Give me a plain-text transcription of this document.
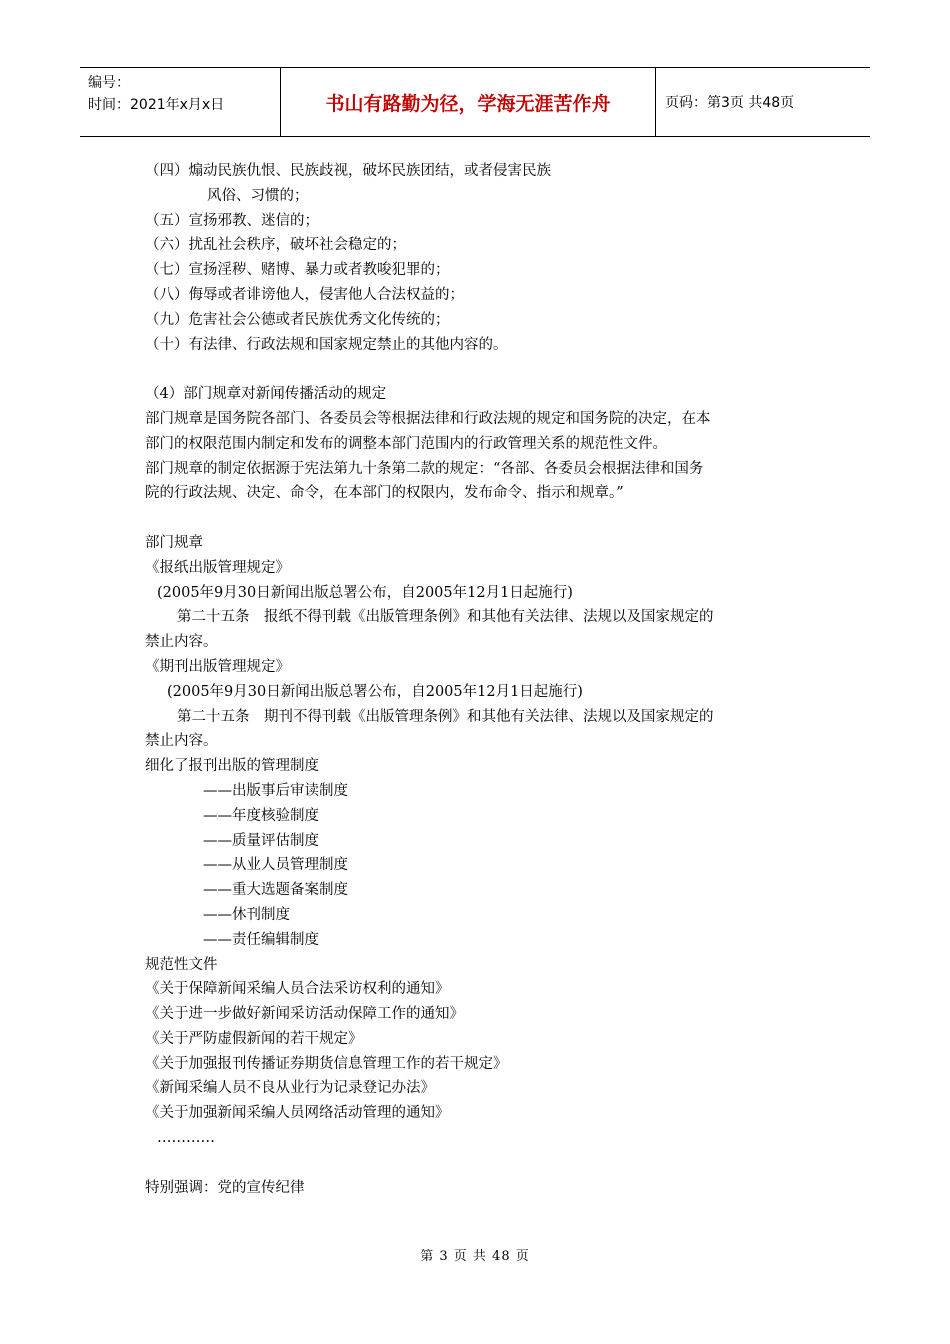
编号：
时间：2021年x月x日	书山有路勤为径，学海无涯苦作舟	页码：第3页 共48页
（四）煽动民族仇恨、民族歧视，破坏民族团结，或者侵害民族
风俗、习惯的；
（五）宣扬邪教、迷信的；
（六）扰乱社会秩序，破坏社会稳定的；
（七）宣扬淫秽、赌博、暴力或者教唆犯罪的；
（八）侮辱或者诽谤他人，侵害他人合法权益的；
（九）危害社会公德或者民族优秀文化传统的；
（十）有法律、行政法规和国家规定禁止的其他内容的。
（4）部门规章对新闻传播活动的规定
部门规章是国务院各部门、各委员会等根据法律和行政法规的规定和国务院的决定，在本
部门的权限范围内制定和发布的调整本部门范围内的行政管理关系的规范性文件。
部门规章的制定依据源于宪法第九十条第二款的规定：“各部、各委员会根据法律和国务
院的行政法规、决定、命令，在本部门的权限内，发布命令、指示和规章。”
部门规章
《报纸出版管理规定》
(2005年9月30日新闻出版总署公布，自2005年12月1日起施行)
第二十五条　报纸不得刊载《出版管理条例》和其他有关法律、法规以及国家规定的
禁止内容。
《期刊出版管理规定》
(2005年9月30日新闻出版总署公布，自2005年12月1日起施行)
第二十五条　期刊不得刊载《出版管理条例》和其他有关法律、法规以及国家规定的
禁止内容。
细化了报刊出版的管理制度
——出版事后审读制度
——年度核验制度
——质量评估制度
——从业人员管理制度
——重大选题备案制度
——休刊制度
——责任编辑制度
规范性文件
《关于保障新闻采编人员合法采访权利的通知》
《关于进一步做好新闻采访活动保障工作的通知》
《关于严防虚假新闻的若干规定》
《关于加强报刊传播证券期货信息管理工作的若干规定》
《新闻采编人员不良从业行为记录登记办法》
《关于加强新闻采编人员网络活动管理的通知》
…………
特别强调：党的宣传纪律
第 3 页 共 48 页
